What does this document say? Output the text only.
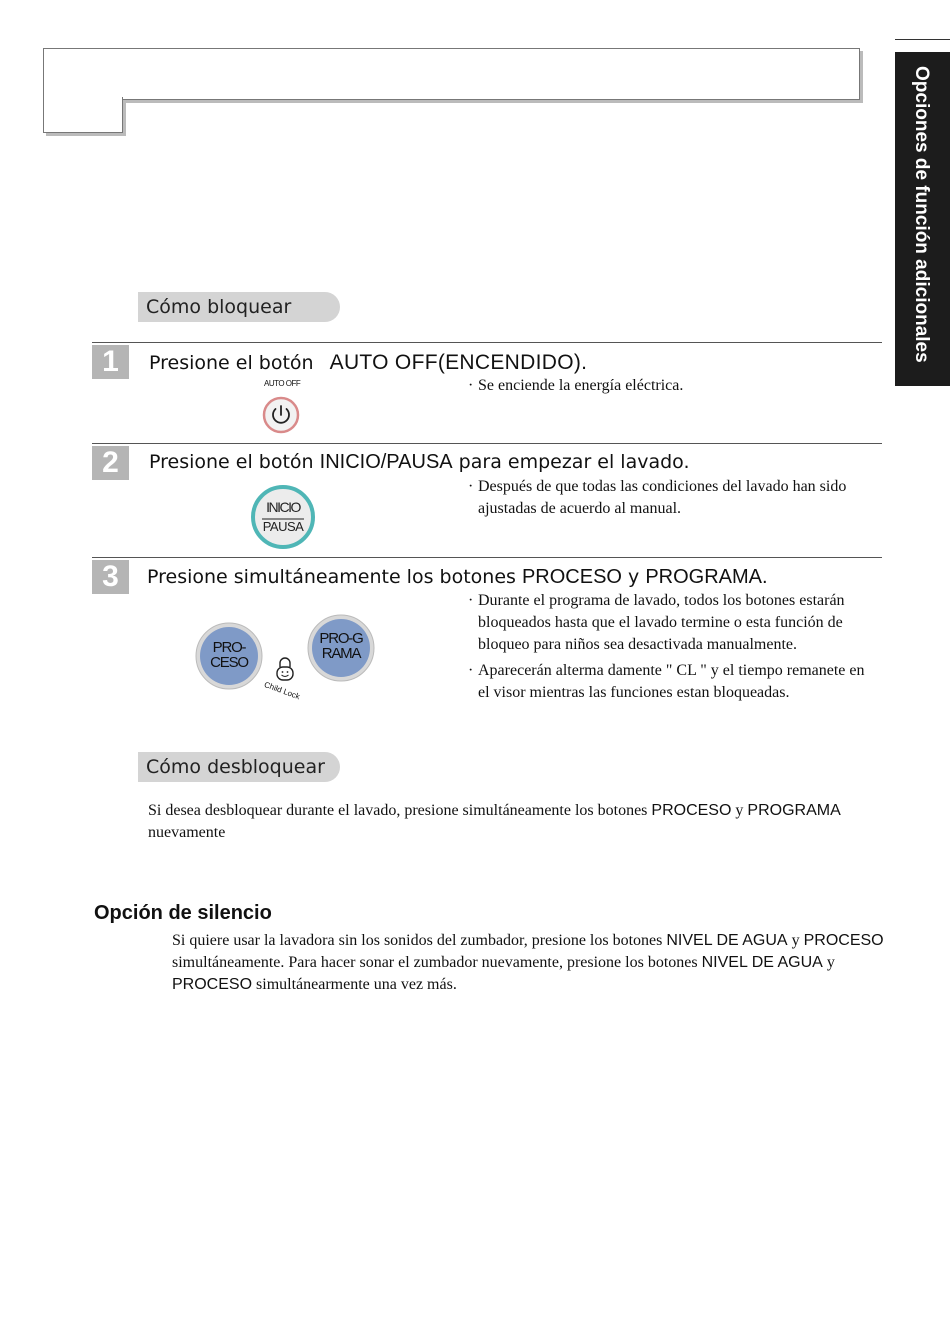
Opciones de función adicionales
Cómo bloquear
1	Presione el botón AUTO OFF(ENCENDIDO).
AUTO OFF	· Se enciende la energía eléctrica.
2	Presione el botón INICIO/PAUSA para empezar el lavado.
INICIO
PAUSA
· Después de que todas las condiciones del lavado han sido ajustadas de acuerdo al manual.
3	Presione simultáneamente los botones PROCESO y PROGRAMA.
PRO-CESO
PRO-GRAMA
Child Lock
· Durante el programa de lavado, todos los botones estarán bloqueados hasta que el lavado termine o esta función de bloqueo para niños sea desactivada manualmente.
· Aparecerán alterma damente " CL " y el tiempo remanete en el visor mientras las funciones estan bloqueadas.
Cómo desbloquear
Si desea desbloquear durante el lavado, presione simultáneamente los botones PROCESO y PROGRAMA nuevamente
Opción de silencio
Si quiere usar la lavadora sin los sonidos del zumbador, presione los botones NIVEL DE AGUA y PROCESO simultáneamente. Para hacer sonar el zumbador nuevamente, presione los botones NIVEL DE AGUA y PROCESO simultánearmente una vez más.
